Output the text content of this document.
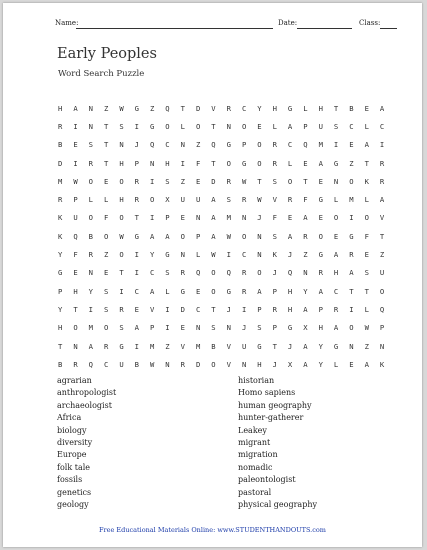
Name:	Date:	Class:
Early Peoples
Word Search Puzzle
H	A	N	Z	W	G	Z	Q	T	D	V	R	C	Y	H	G	L	H	T	B	E	A
R	I	N	T	S	I	G	O	L	O	T	N	O	E	L	A	P	U	S	C	L	C
B	E	S	T	N	J	Q	C	N	Z	Q	G	P	O	R	C	Q	M	I	E	A	I
D	I	R	T	H	P	N	H	I	F	T	O	G	O	R	L	E	A	G	Z	T	R
M	W	O	E	O	R	I	S	Z	E	D	R	W	T	S	O	T	E	N	O	K	R
R	P	L	L	H	R	O	X	U	U	A	S	R	W	V	R	F	G	L	M	L	A
K	U	O	F	O	T	I	P	E	N	A	M	N	J	F	E	A	E	O	I	O	V
K	Q	B	O	W	G	A	A	O	P	A	W	O	N	S	A	R	O	E	G	F	T
Y	F	R	Z	O	I	Y	G	N	L	W	I	C	N	K	J	Z	G	A	R	E	Z
G	E	N	E	T	I	C	S	R	Q	O	Q	R	O	J	Q	N	R	H	A	S	U
P	H	Y	S	I	C	A	L	G	E	O	G	R	A	P	H	Y	A	C	T	T	O
Y	T	I	S	R	E	V	I	D	C	T	J	I	P	R	H	A	P	R	I	L	Q
H	O	M	O	S	A	P	I	E	N	S	N	J	S	P	G	X	H	A	O	W	P
T	N	A	R	G	I	M	Z	V	M	B	V	U	G	T	J	A	Y	G	N	Z	N
B	R	Q	C	U	B	W	N	R	D	O	V	N	H	J	X	A	Y	L	E	A	K
agrarian
anthropologist
archaeologist
Africa
biology
diversity
Europe
folk tale
fossils
genetics
geology
historian
Homo sapiens
human geography
hunter-gatherer
Leakey
migrant
migration
nomadic
paleontologist
pastoral
physical geography
Free Educational Materials Online: www.STUDENTHANDOUTS.com
